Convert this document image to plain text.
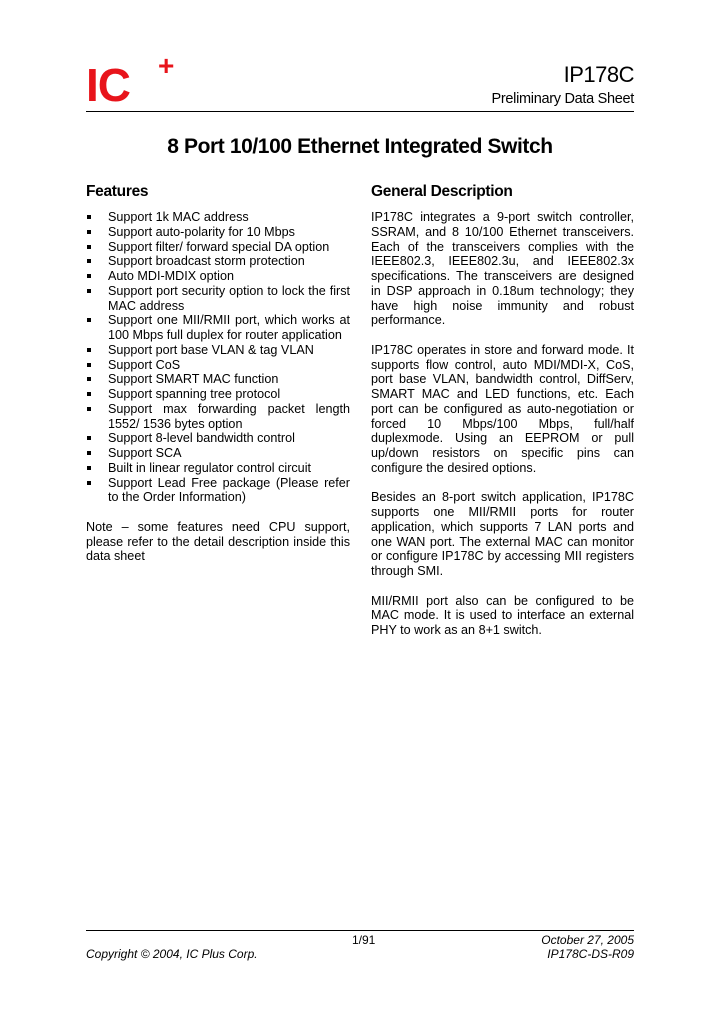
IC +	IP178C
Preliminary Data Sheet
8 Port 10/100 Ethernet Integrated Switch
Features	General Description
Support 1k MAC address
Support auto-polarity for 10 Mbps
Support filter/ forward special DA option
Support broadcast storm protection
Auto MDI-MDIX option
Support port security option to lock the first MAC address
Support one MII/RMII port, which works at 100 Mbps full duplex for router application
Support port base VLAN & tag VLAN
Support CoS
Support SMART MAC function
Support spanning tree protocol
Support max forwarding packet length 1552/ 1536 bytes option
Support 8-level bandwidth control
Support SCA
Built in linear regulator control circuit
Support Lead Free package (Please refer to the Order Information)
Note – some features need CPU support, please refer to the detail description inside this data sheet

IP178C integrates a 9-port switch controller, SSRAM, and 8 10/100 Ethernet transceivers. Each of the transceivers complies with the IEEE802.3, IEEE802.3u, and IEEE802.3x specifications. The transceivers are designed in DSP approach in 0.18um technology; they have high noise immunity and robust performance.

IP178C operates in store and forward mode. It supports flow control, auto MDI/MDI-X, CoS, port base VLAN, bandwidth control, DiffServ, SMART MAC and LED functions, etc. Each port can be configured as auto-negotiation or forced 10 Mbps/100 Mbps, full/half duplexmode. Using an EEPROM or pull up/down resistors on specific pins can configure the desired options.

Besides an 8-port switch application, IP178C supports one MII/RMII ports for router application, which supports 7 LAN ports and one WAN port. The external MAC can monitor or configure IP178C by accessing MII registers through SMI.

MII/RMII port also can be configured to be MAC mode. It is used to interface an external PHY to work as an 8+1 switch.

1/91	October 27, 2005
Copyright © 2004, IC Plus Corp.	IP178C-DS-R09
